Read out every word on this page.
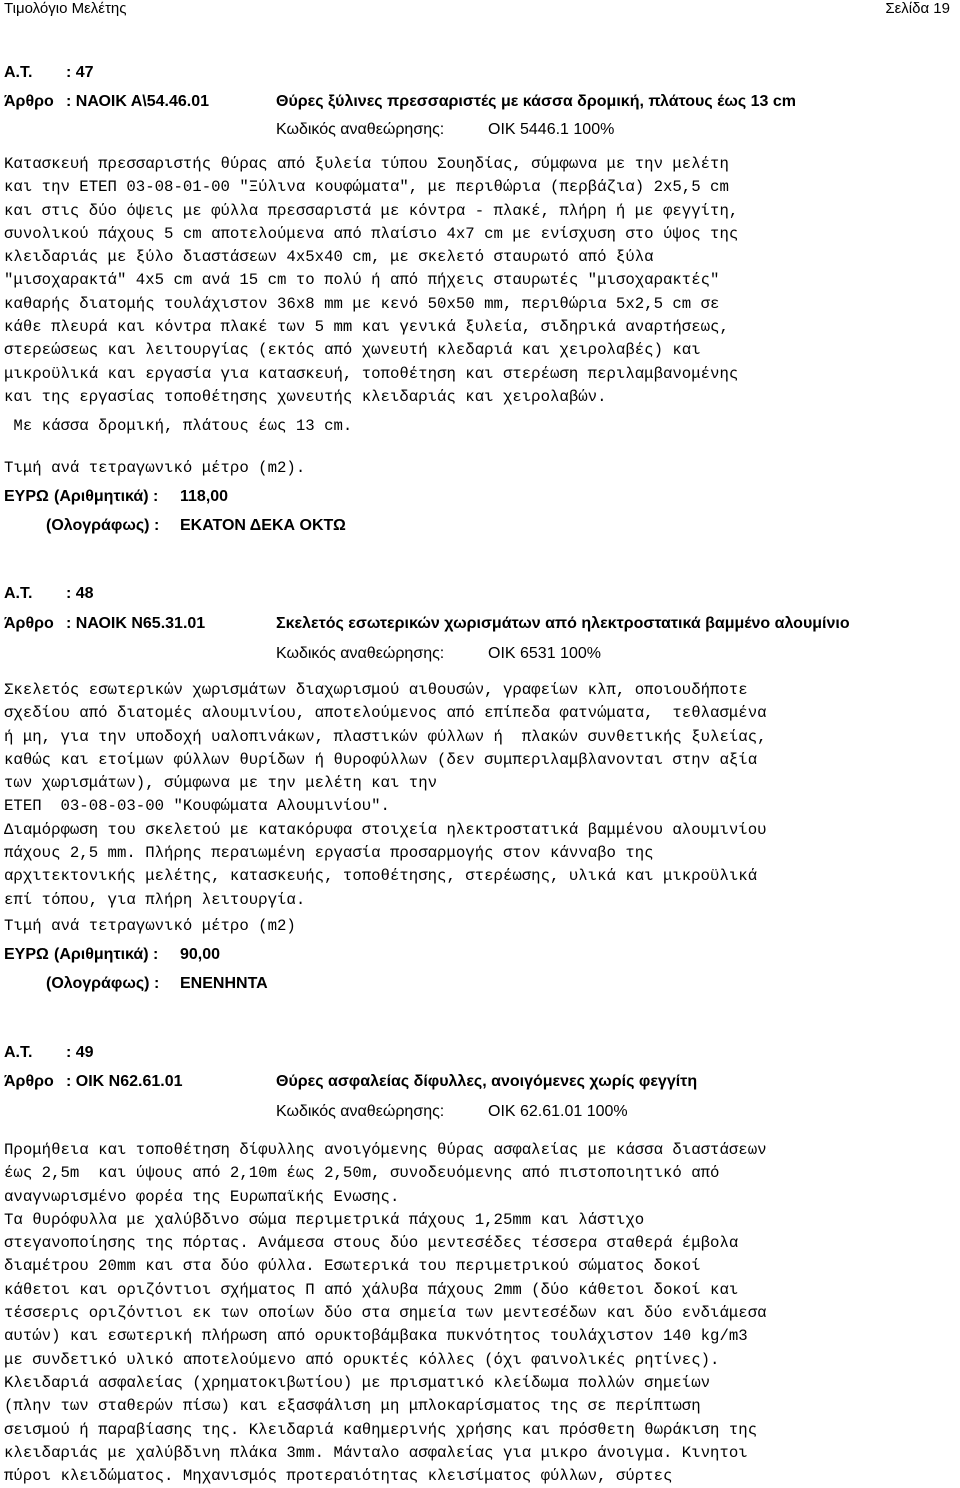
Τιμολόγιο Μελέτης	Σελίδα 19
Α.Τ. : 47
Άρθρο : ΝΑΟΙΚ Α\54.46.01	Θύρες ξύλινες πρεσσαριστές με κάσσα δρομική, πλάτους έως 13 cm
Κωδικός αναθεώρησης:	ΟΙΚ 5446.1 100%
Κατασκευή πρεσσαριστής θύρας από ξυλεία τύπου Σουηδίας, σύμφωνα με την μελέτη
και την ΕΤΕΠ 03-08-01-00 "Ξύλινα κουφώματα", με περιθώρια (περβάζια) 2x5,5 cm
και στις δύο όψεις με φύλλα πρεσσαριστά με κόντρα - πλακέ, πλήρη ή με φεγγίτη,
συνολικού πάχους 5 cm αποτελούμενα από πλαίσιο 4x7 cm με ενίσχυση στο ύψος της
κλειδαριάς με ξύλο διαστάσεων 4x5x40 cm, με σκελετό σταυρωτό από ξύλα
"μισοχαρακτά" 4x5 cm ανά 15 cm το πολύ ή από πήχεις σταυρωτές "μισοχαρακτές"
καθαρής διατομής τουλάχιστον 36x8 mm με κενό 50x50 mm, περιθώρια 5x2,5 cm σε
κάθε πλευρά και κόντρα πλακέ των 5 mm και γενικά ξυλεία, σιδηρικά αναρτήσεως,
στερεώσεως και λειτουργίας (εκτός από χωνευτή κλεδαριά και χειρολαβές) και
μικροϋλικά και εργασία για κατασκευή, τοποθέτηση και στερέωση περιλαμβανομένης
και της εργασίας τοποθέτησης χωνευτής κλειδαριάς και χειρολαβών.
Με κάσσα δρομική, πλάτους έως 13 cm.
Τιμή ανά τετραγωνικό μέτρο (m2).
ΕΥΡΩ (Αριθμητικά) : 118,00
(Ολογράφως) : ΕΚΑΤΟΝ ΔΕΚΑ ΟΚΤΩ
Α.Τ. : 48
Άρθρο : ΝΑΟΙΚ Ν65.31.01	Σκελετός εσωτερικών χωρισμάτων από ηλεκτροστατικά βαμμένο αλουμίνιο
Κωδικός αναθεώρησης:	ΟΙΚ 6531 100%
Σκελετός εσωτερικών χωρισμάτων διαχωρισμού αιθουσών, γραφείων κλπ, οποιουδήποτε
σχεδίου από διατομές αλουμινίου, αποτελούμενος από επίπεδα φατνώματα,  τεθλασμένα
ή μη, για την υποδοχή υαλοπινάκων, πλαστικών φύλλων ή  πλακών συνθετικής ξυλείας,
καθώς και ετοίμων φύλλων θυρίδων ή θυροφύλλων (δεν συμπεριλαμβλανονται στην αξία
των χωρισμάτων), σύμφωνα με την μελέτη και την
ΕΤΕΠ  03-08-03-00 "Κουφώματα Αλουμινίου".
Διαμόρφωση του σκελετού με κατακόρυφα στοιχεία ηλεκτροστατικά βαμμένου αλουμινίου
πάχους 2,5 mm. Πλήρης περαιωμένη εργασία προσαρμογής στον κάνναβο της
αρχιτεκτονικής μελέτης, κατασκευής, τοποθέτησης, στερέωσης, υλικά και μικροϋλικά
επί τόπου, για πλήρη λειτουργία.
Τιμή ανά τετραγωνικό μέτρο (m2)
ΕΥΡΩ (Αριθμητικά) : 90,00
(Ολογράφως) : ΕΝΕΝΗΝΤΑ
Α.Τ. : 49
Άρθρο : ΟΙΚ Ν62.61.01	Θύρες ασφαλείας δίφυλλες, ανοιγόμενες χωρίς φεγγίτη
Κωδικός αναθεώρησης:	ΟΙΚ 62.61.01 100%
Προμήθεια και τοποθέτηση δίφυλλης ανοιγόμενης θύρας ασφαλείας με κάσσα διαστάσεων
έως 2,5m  και ύψους από 2,10m έως 2,50m, συνοδευόμενης από πιστοποιητικό από
αναγνωρισμένο φορέα της Ευρωπαϊκής Ενωσης.
Τα θυρόφυλλα με χαλύβδινο σώμα περιμετρικά πάχους 1,25mm και λάστιχο
στεγανοποίησης της πόρτας. Ανάμεσα στους δύο μεντεσέδες τέσσερα σταθερά έμβολα
διαμέτρου 20mm και στα δύο φύλλα. Εσωτερικά του περιμετρικού σώματος δοκοί
κάθετοι και οριζόντιοι σχήματος Π από χάλυβα πάχους 2mm (δύο κάθετοι δοκοί και
τέσσερις οριζόντιοι εκ των οποίων δύο στα σημεία των μεντεσέδων και δύο ενδιάμεσα
αυτών) και εσωτερική πλήρωση από ορυκτοβάμβακα πυκνότητος τουλάχιστον 140 kg/m3
με συνδετικό υλικό αποτελούμενο από ορυκτές κόλλες (όχι φαινολικές ρητίνες).
Κλειδαριά ασφαλείας (χρηματοκιβωτίου) με πρισματικό κλείδωμα πολλών σημείων
(πλην των σταθερών πίσω) και εξασφάλιση μη μπλοκαρίσματος της σε περίπτωση
σεισμού ή παραβίασης της. Κλειδαριά καθημερινής χρήσης και πρόσθετη θωράκιση της
κλειδαριάς με χαλύβδινη πλάκα 3mm. Μάνταλο ασφαλείας για μικρο άνοιγμα. Κινητοι
πύροι κλειδώματος. Μηχανισμός προτεραιότητας κλεισίματος φύλλων, σύρτες
